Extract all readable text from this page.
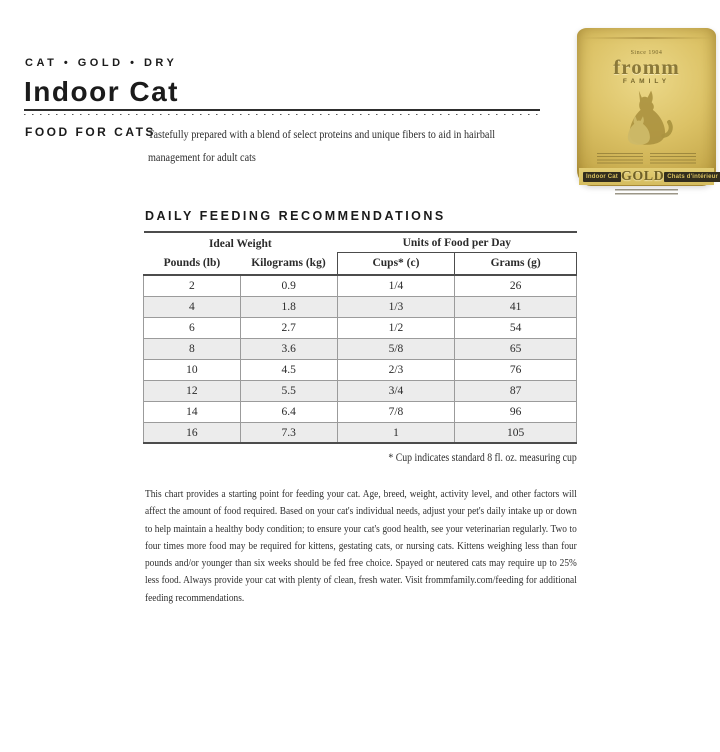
CAT • GOLD • DRY
Indoor Cat
FOOD FOR CATS
Tastefully prepared with a blend of select proteins and unique fibers to aid in hairball management for adult cats
Since 1904
fromm
FAMILY
Indoor Cat GOLD Chats d'intérieur
DAILY FEEDING RECOMMENDATIONS
Ideal Weight		Units of Food per Day	
Pounds (lb)	Kilograms (kg)	Cups* (c)	Grams (g)
2	0.9	1/4	26
4	1.8	1/3	41
6	2.7	1/2	54
8	3.6	5/8	65
10	4.5	2/3	76
12	5.5	3/4	87
14	6.4	7/8	96
16	7.3	1	105
* Cup indicates standard 8 fl. oz. measuring cup

This chart provides a starting point for feeding your cat. Age, breed, weight, activity level, and other factors will affect the amount of food required. Based on your cat's individual needs, adjust your pet's daily intake up or down to help maintain a healthy body condition; to ensure your cat's good health, see your veterinarian regularly. Two to four times more food may be required for kittens, gestating cats, or nursing cats. Kittens weighing less than four pounds and/or younger than six weeks should be fed free choice. Spayed or neutered cats may require up to 25% less food. Always provide your cat with plenty of clean, fresh water. Visit frommfamily.com/feeding for additional feeding recommendations.
